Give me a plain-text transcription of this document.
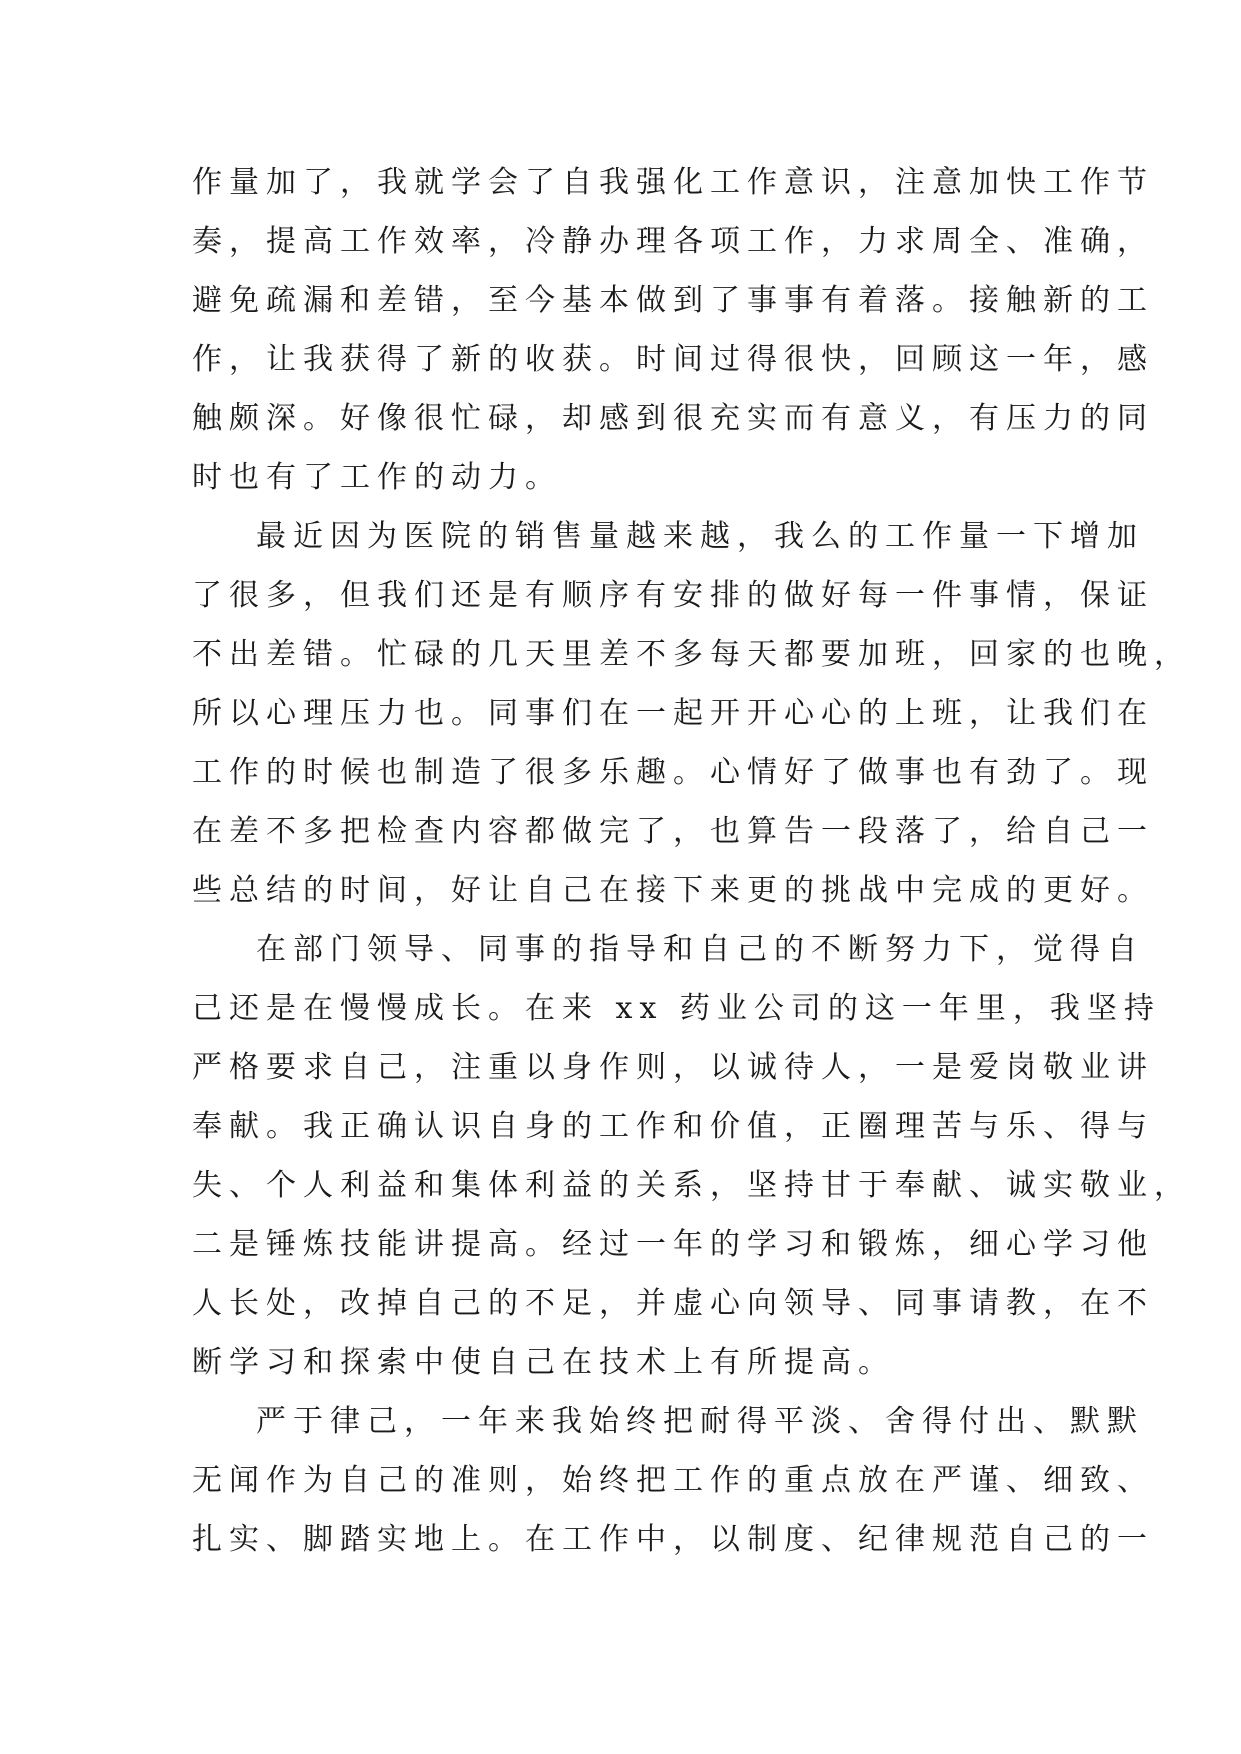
作量加了，我就学会了自我强化工作意识，注意加快工作节
奏，提高工作效率，冷静办理各项工作，力求周全、准确，
避免疏漏和差错，至今基本做到了事事有着落。接触新的工
作，让我获得了新的收获。时间过得很快，回顾这一年，感
触颇深。好像很忙碌，却感到很充实而有意义，有压力的同
时也有了工作的动力。
最近因为医院的销售量越来越，我么的工作量一下增加
了很多，但我们还是有顺序有安排的做好每一件事情，保证
不出差错。忙碌的几天里差不多每天都要加班，回家的也晚，
所以心理压力也。同事们在一起开开心心的上班，让我们在
工作的时候也制造了很多乐趣。心情好了做事也有劲了。现
在差不多把检查内容都做完了，也算告一段落了，给自己一
些总结的时间，好让自己在接下来更的挑战中完成的更好。
在部门领导、同事的指导和自己的不断努力下，觉得自
己还是在慢慢成长。在来 xx 药业公司的这一年里，我坚持
严格要求自己，注重以身作则，以诚待人，一是爱岗敬业讲
奉献。我正确认识自身的工作和价值，正圈理苦与乐、得与
失、个人利益和集体利益的关系，坚持甘于奉献、诚实敬业，
二是锤炼技能讲提高。经过一年的学习和锻炼，细心学习他
人长处，改掉自己的不足，并虚心向领导、同事请教，在不
断学习和探索中使自己在技术上有所提高。
严于律己，一年来我始终把耐得平淡、舍得付出、默默
无闻作为自己的准则，始终把工作的重点放在严谨、细致、
扎实、脚踏实地上。在工作中，以制度、纪律规范自己的一
